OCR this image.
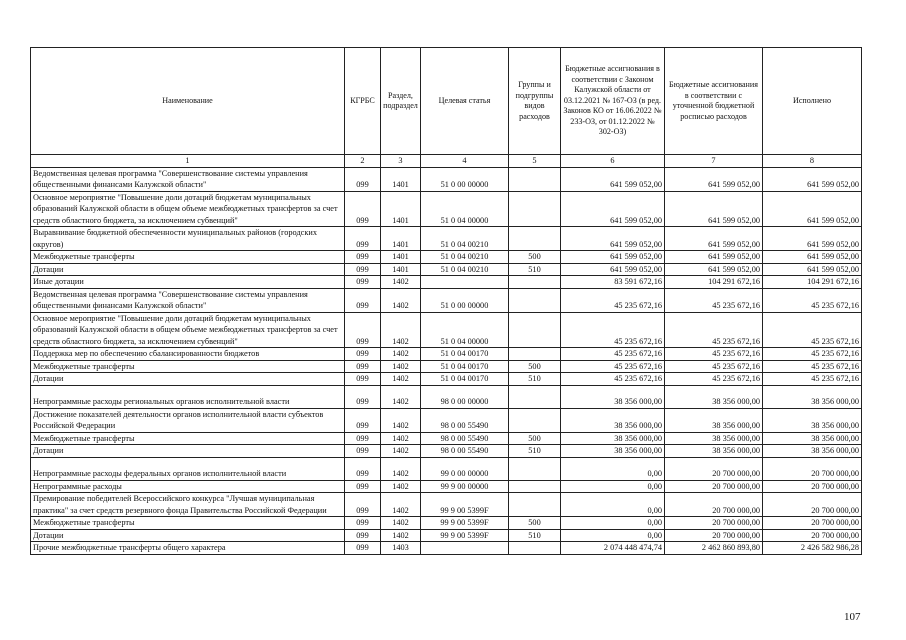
Наименование	КГРБС	Раздел, подраздел	Целевая статья	Группы и подгруппы видов расходов	Бюджетные ассигнования в соответствии с Законом Калужской области от 03.12.2021 № 167-ОЗ (в ред. Законов КО от 16.06.2022 № 233-ОЗ, от 01.12.2022 № 302-ОЗ)	Бюджетные ассигнования в соответствии с уточненной бюджетной росписью расходов	Исполнено
1	2	3	4	5	6	7	8
Ведомственная целевая программа "Совершенствование системы управления общественными финансами Калужской области"	099	1401	51 0 00 00000		641 599 052,00	641 599 052,00	641 599 052,00
Основное мероприятие "Повышение доли дотаций бюджетам муниципальных образований Калужской области в общем объеме межбюджетных трансфертов за счет средств областного бюджета, за исключением субвенций"	099	1401	51 0 04 00000		641 599 052,00	641 599 052,00	641 599 052,00
Выравнивание бюджетной обеспеченности муниципальных районов (городских округов)	099	1401	51 0 04 00210		641 599 052,00	641 599 052,00	641 599 052,00
Межбюджетные трансферты	099	1401	51 0 04 00210	500	641 599 052,00	641 599 052,00	641 599 052,00
Дотации	099	1401	51 0 04 00210	510	641 599 052,00	641 599 052,00	641 599 052,00
Иные дотации	099	1402			83 591 672,16	104 291 672,16	104 291 672,16
Ведомственная целевая программа "Совершенствование системы управления общественными финансами Калужской области"	099	1402	51 0 00 00000		45 235 672,16	45 235 672,16	45 235 672,16
Основное мероприятие "Повышение доли дотаций бюджетам муниципальных образований Калужской области в общем объеме межбюджетных трансфертов за счет средств областного бюджета, за исключением субвенций"	099	1402	51 0 04 00000		45 235 672,16	45 235 672,16	45 235 672,16
Поддержка мер по обеспечению сбалансированности бюджетов	099	1402	51 0 04 00170		45 235 672,16	45 235 672,16	45 235 672,16
Межбюджетные трансферты	099	1402	51 0 04 00170	500	45 235 672,16	45 235 672,16	45 235 672,16
Дотации	099	1402	51 0 04 00170	510	45 235 672,16	45 235 672,16	45 235 672,16
Непрограммные расходы региональных органов исполнительной власти	099	1402	98 0 00 00000		38 356 000,00	38 356 000,00	38 356 000,00
Достижение показателей деятельности органов исполнительной власти субъектов Российской Федерации	099	1402	98 0 00 55490		38 356 000,00	38 356 000,00	38 356 000,00
Межбюджетные трансферты	099	1402	98 0 00 55490	500	38 356 000,00	38 356 000,00	38 356 000,00
Дотации	099	1402	98 0 00 55490	510	38 356 000,00	38 356 000,00	38 356 000,00
Непрограммные расходы федеральных органов исполнительной власти	099	1402	99 0 00 00000		0,00	20 700 000,00	20 700 000,00
Непрограммные расходы	099	1402	99 9 00 00000		0,00	20 700 000,00	20 700 000,00
Премирование победителей Всероссийского конкурса "Лучшая муниципальная практика" за счет средств резервного фонда Правительства Российской Федерации	099	1402	99 9 00 5399F		0,00	20 700 000,00	20 700 000,00
Межбюджетные трансферты	099	1402	99 9 00 5399F	500	0,00	20 700 000,00	20 700 000,00
Дотации	099	1402	99 9 00 5399F	510	0,00	20 700 000,00	20 700 000,00
Прочие межбюджетные трансферты общего характера	099	1403			2 074 448 474,74	2 462 860 893,80	2 426 582 986,28
107
